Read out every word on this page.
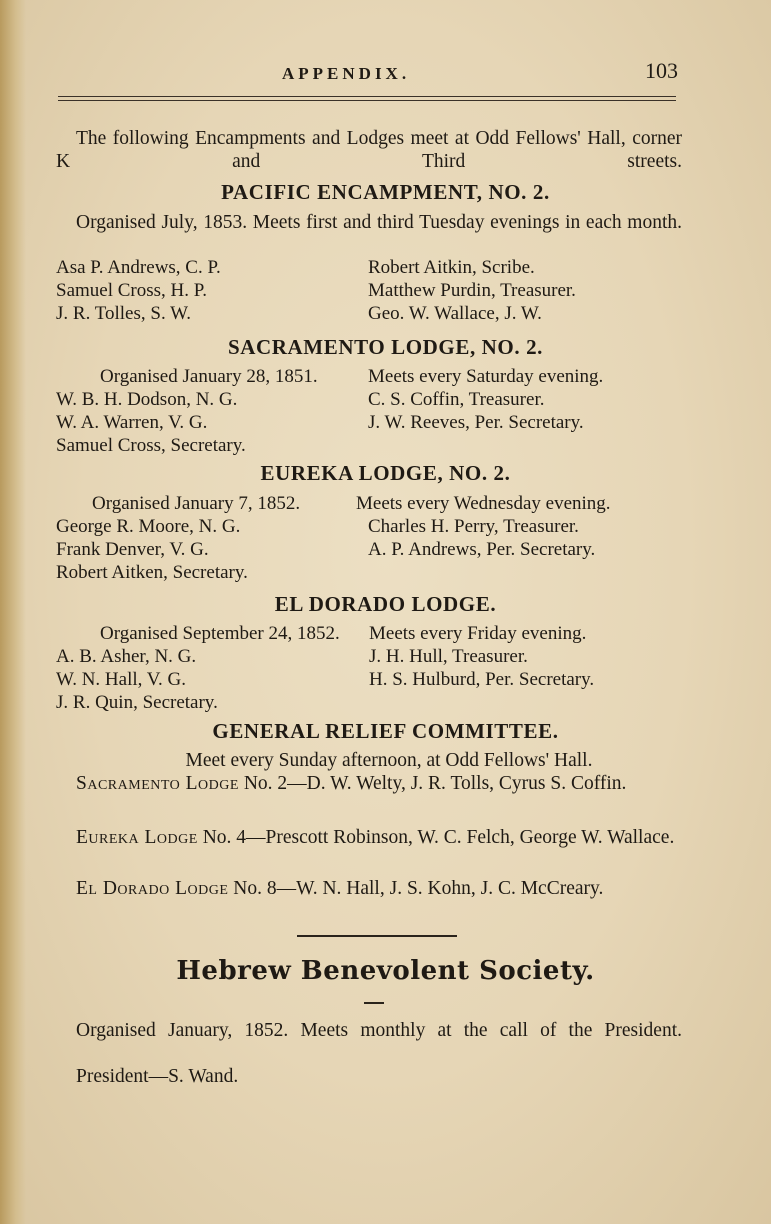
APPENDIX.	103

The following Encampments and Lodges meet at Odd Fellows' Hall, corner K and Third streets.

PACIFIC ENCAMPMENT, NO. 2.

Organised July, 1853. Meets first and third Tuesday evenings in each month.

Asa P. Andrews, C. P.
Samuel Cross, H. P.
J. R. Tolles, S. W.
Robert Aitkin, Scribe.
Matthew Purdin, Treasurer.
Geo. W. Wallace, J. W.
SACRAMENTO LODGE, NO. 2.
Organised January 28, 1851.
W. B. H. Dodson, N. G.
W. A. Warren, V. G.
Samuel Cross, Secretary.
Meets every Saturday evening.
C. S. Coffin, Treasurer.
J. W. Reeves, Per. Secretary.
EUREKA LODGE, NO. 2.
Organised January 7, 1852.
George R. Moore, N. G.
Frank Denver, V. G.
Robert Aitken, Secretary.
Meets every Wednesday evening.
Charles H. Perry, Treasurer.
A. P. Andrews, Per. Secretary.
EL DORADO LODGE.
Organised September 24, 1852.
A. B. Asher, N. G.
W. N. Hall, V. G.
J. R. Quin, Secretary.
Meets every Friday evening.
J. H. Hull, Treasurer.
H. S. Hulburd, Per. Secretary.
GENERAL RELIEF COMMITTEE.

Meet every Sunday afternoon, at Odd Fellows' Hall.

Sacramento Lodge No. 2—D. W. Welty, J. R. Tolls, Cyrus S. Coffin.

Eureka Lodge No. 4—Prescott Robinson, W. C. Felch, George W. Wallace.

El Dorado Lodge No. 8—W. N. Hall, J. S. Kohn, J. C. McCreary.

Hebrew Benevolent Society.

Organised January, 1852. Meets monthly at the call of the President.

President—S. Wand.
